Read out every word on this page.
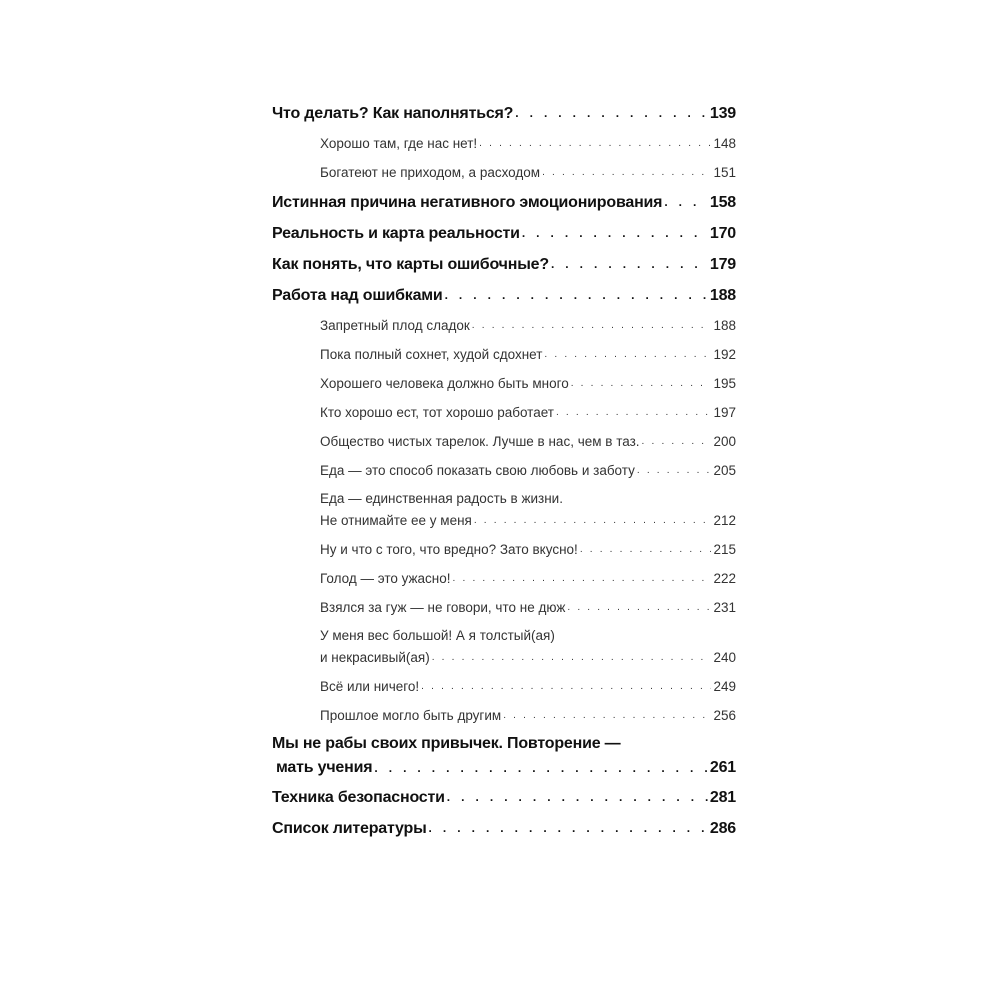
Что делать? Как наполняться? . . .	139
Хорошо там, где нас нет! . . .	148
Богатеют не приходом, а расходом . . .	151
Истинная причина негативного эмоционирования . . .	158
Реальность и карта реальности . . .	170
Как понять, что карты ошибочные? . . .	179
Работа над ошибками . . .	188
Запретный плод сладок . . .	188
Пока полный сохнет, худой сдохнет . . .	192
Хорошего человека должно быть много . . .	195
Кто хорошо ест, тот хорошо работает . . .	197
Общество чистых тарелок. Лучше в нас, чем в таз. . . .	200
Еда — это способ показать свою любовь и заботу . . .	205
Еда — единственная радость в жизни.
Не отнимайте ее у меня . . .	212
Ну и что с того, что вредно? Зато вкусно! . . .	215
Голод — это ужасно! . . .	222
Взялся за гуж — не говори, что не дюж . . .	231
У меня вес большой! А я толстый(ая)
и некрасивый(ая) . . .	240
Всё или ничего! . . .	249
Прошлое могло быть другим . . .	256
Мы не рабы своих привычек. Повторение —
мать учения . . .	261
Техника безопасности . . .	281
Список литературы . . .	286
